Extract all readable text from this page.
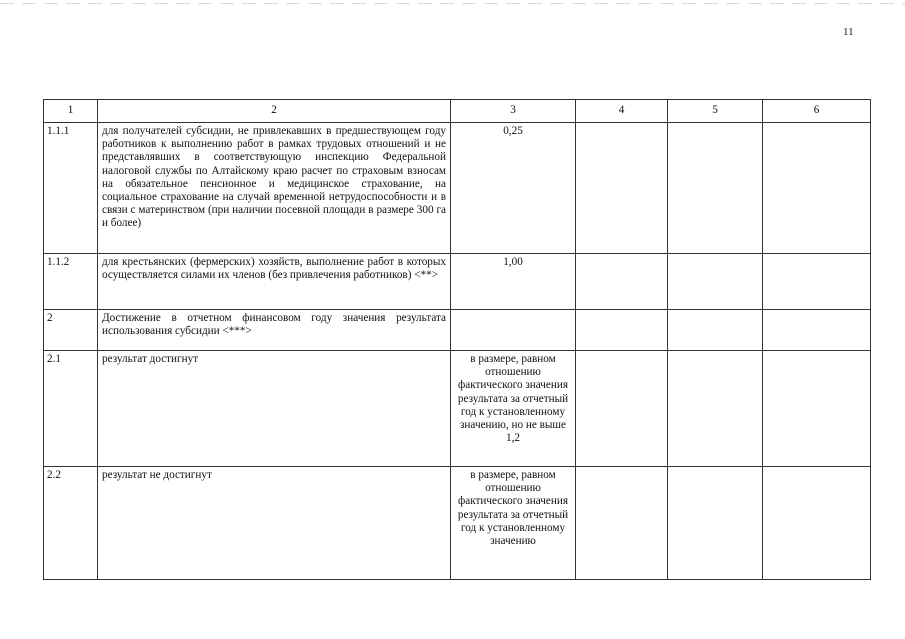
11
1	2	3	4	5	6
1.1.1	для получателей субсидии, не привлекавших в предшествующем году работников к выполнению работ в рамках трудовых отношений и не представлявших в соответствующую инспекцию Федеральной налоговой службы по Алтайскому краю расчет по страховым взносам на обязательное пенсионное и медицинское страхование, на социальное страхование на случай временной нетрудоспособности и в связи с материнством (при наличии посевной площади в размере 300 га и более)	0,25			
1.1.2	для крестьянских (фермерских) хозяйств, выполнение работ в которых осуществляется силами их членов (без привлечения работников) <**>	1,00			
2	Достижение в отчетном финансовом году значения результата использования субсидии <***>				
2.1	результат достигнут	в размере, равном отношению фактического значения результата за отчетный год к установленному значению, но не выше 1,2			
2.2	результат не достигнут	в размере, равном отношению фактического значения результата за отчетный год к установленному значению			
